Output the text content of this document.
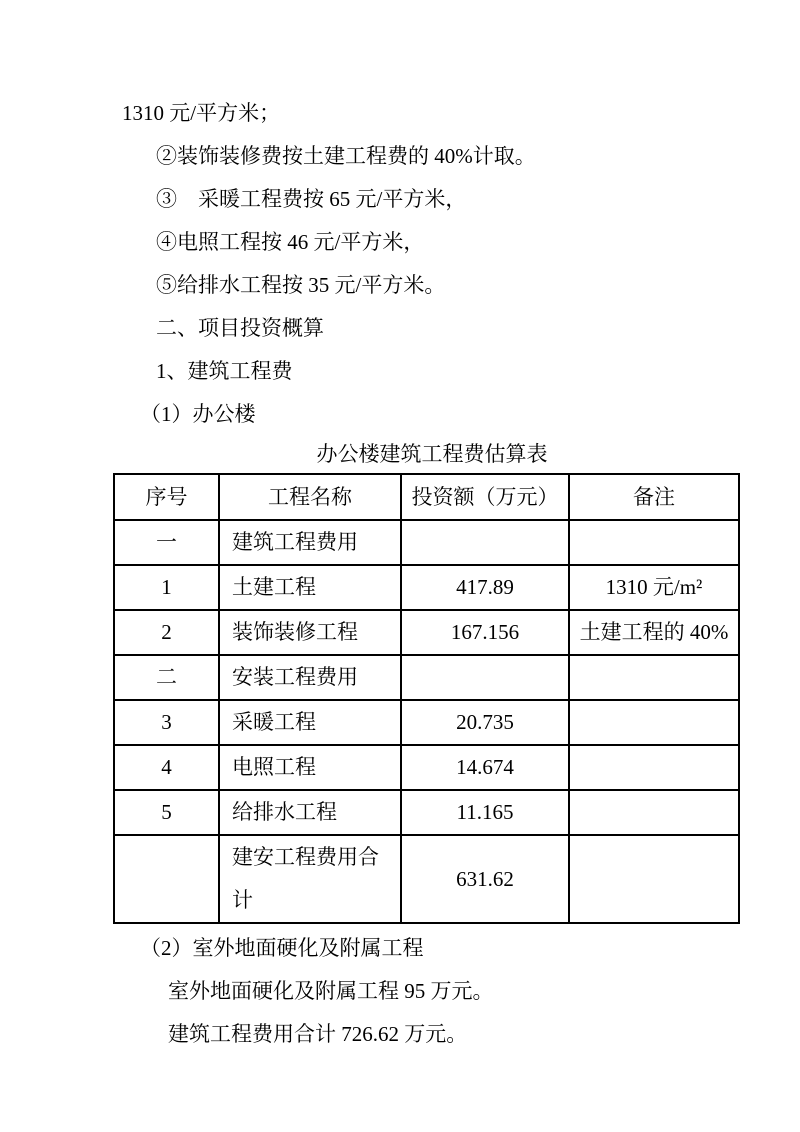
1310 元/平方米；

②装饰装修费按土建工程费的 40%计取。

③　采暖工程费按 65 元/平方米，

④电照工程按 46 元/平方米，

⑤给排水工程按 35 元/平方米。

二、项目投资概算

1、建筑工程费

（1）办公楼

办公楼建筑工程费估算表

序号	工程名称	投资额（万元）	备注
一	建筑工程费用		
1	土建工程	417.89	1310 元/m²
2	装饰装修工程	167.156	土建工程的 40%
二	安装工程费用		
3	采暖工程	20.735	
4	电照工程	14.674	
5	给排水工程	11.165	
	建安工程费用合计	631.62	

（2）室外地面硬化及附属工程

室外地面硬化及附属工程 95 万元。

建筑工程费用合计 726.62 万元。
